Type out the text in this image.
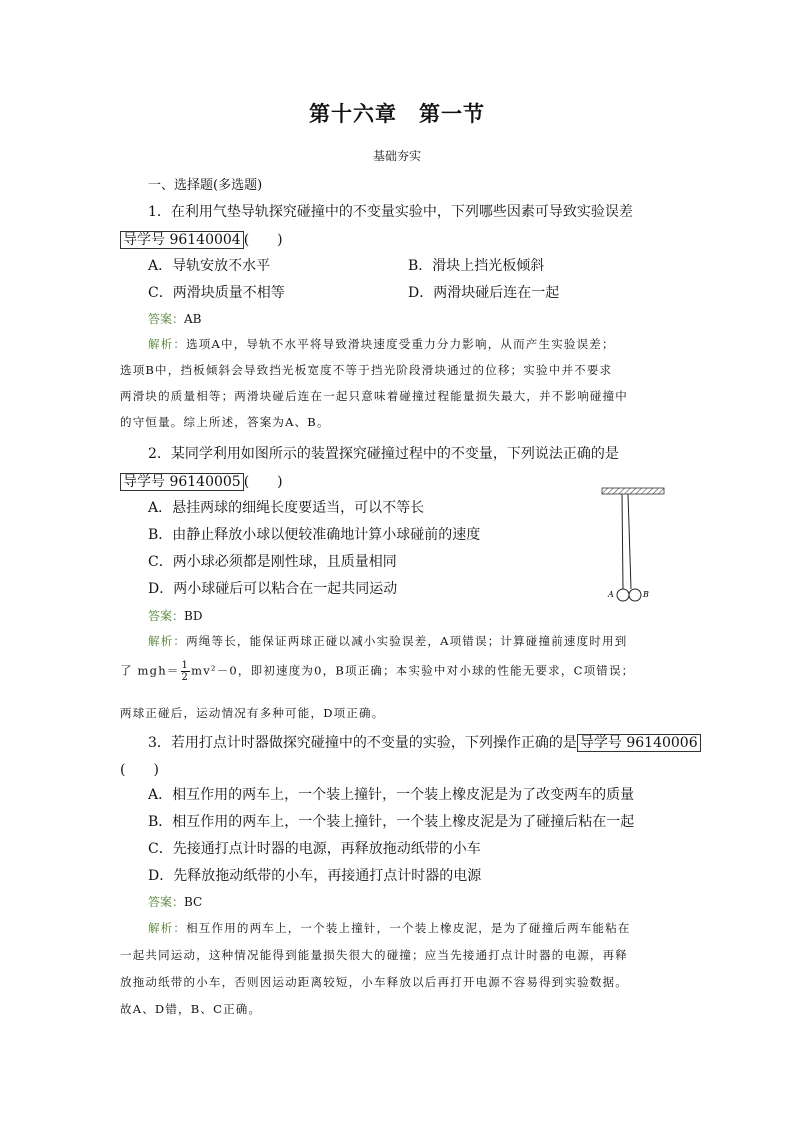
第十六章　第一节
基础夯实
一、选择题(多选题)
1．在利用气垫导轨探究碰撞中的不变量实验中，下列哪些因素可导致实验误差
导学号 96140004 (　　)
A．导轨安放不水平	B．滑块上挡光板倾斜
C．两滑块质量不相等	D．两滑块碰后连在一起
答案：AB
解析：选项A中，导轨不水平将导致滑块速度受重力分力影响，从而产生实验误差；
选项B中，挡板倾斜会导致挡光板宽度不等于挡光阶段滑块通过的位移；实验中并不要求
两滑块的质量相等；两滑块碰后连在一起只意味着碰撞过程能量损失最大，并不影响碰撞中
的守恒量。综上所述，答案为A、B。
2．某同学利用如图所示的装置探究碰撞过程中的不变量，下列说法正确的是
导学号 96140005 (　　)
A．悬挂两球的细绳长度要适当，可以不等长
B．由静止释放小球以便较准确地计算小球碰前的速度
C．两小球必须都是刚性球，且质量相同
D．两小球碰后可以粘合在一起共同运动
答案：BD
解析：两绳等长，能保证两球正碰以减小实验误差，A项错误；计算碰撞前速度时用到
了 $mgh= \frac{1}{2} mv^2-0$，即初速度为0，B项正确；本实验中对小球的性能无要求，C项错误；
两球正碰后，运动情况有多种可能，D项正确。
A	B
3．若用打点计时器做探究碰撞中的不变量的实验，下列操作正确的是 导学号 96140006
(　　)
A．相互作用的两车上，一个装上撞针，一个装上橡皮泥是为了改变两车的质量
B．相互作用的两车上，一个装上撞针，一个装上橡皮泥是为了碰撞后粘在一起
C．先接通打点计时器的电源，再释放拖动纸带的小车
D．先释放拖动纸带的小车，再接通打点计时器的电源
答案：BC
解析：相互作用的两车上，一个装上撞针，一个装上橡皮泥，是为了碰撞后两车能粘在
一起共同运动，这种情况能得到能量损失很大的碰撞；应当先接通打点计时器的电源，再释
放拖动纸带的小车，否则因运动距离较短，小车释放以后再打开电源不容易得到实验数据。
故A、D错，B、C正确。
